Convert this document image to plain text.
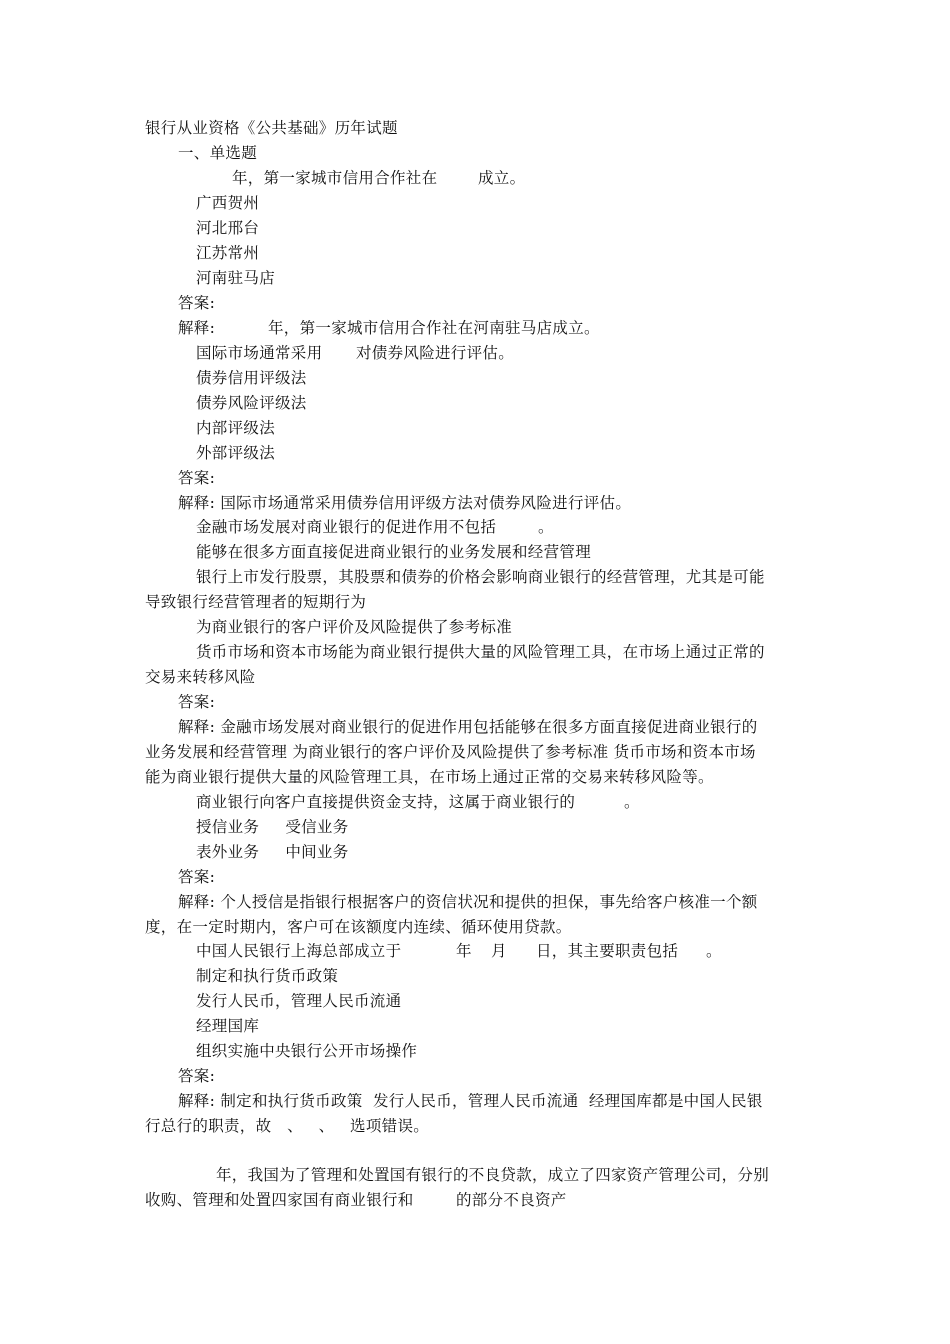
银行从业资格《公共基础》历年试题
一、单选题
年，第一家城市信用合作社在	成立。
广西贺州
河北邢台
江苏常州
河南驻马店
答案:
解释:	年，第一家城市信用合作社在河南驻马店成立。
国际市场通常采用 对债券风险进行评估。
债券信用评级法
债券风险评级法
内部评级法
外部评级法
答案:
解释: 国际市场通常采用债券信用评级方法对债券风险进行评估。
金融市场发展对商业银行的促进作用不包括	。
能够在很多方面直接促进商业银行的业务发展和经营管理
银行上市发行股票，其股票和债券的价格会影响商业银行的经营管理，尤其是可能
导致银行经营管理者的短期行为
为商业银行的客户评价及风险提供了参考标准
货币市场和资本市场能为商业银行提供大量的风险管理工具，在市场上通过正常的
交易来转移风险
答案:
解释: 金融市场发展对商业银行的促进作用包括能够在很多方面直接促进商业银行的
业务发展和经营管理 为商业银行的客户评价及风险提供了参考标准 货币市场和资本市场
能为商业银行提供大量的风险管理工具，在市场上通过正常的交易来转移风险等。
商业银行向客户直接提供资金支持，这属于商业银行的	。
授信业务     受信业务
表外业务     中间业务
答案:
解释: 个人授信是指银行根据客户的资信状况和提供的担保，事先给客户核准一个额
度，在一定时期内，客户可在该额度内连续、循环使用贷款。
中国人民银行上海总部成立于	年 月 日，其主要职责包括 。
制定和执行货币政策
发行人民币，管理人民币流通
经理国库
组织实施中央银行公开市场操作
答案:
解释: 制定和执行货币政策  发行人民币，管理人民币流通  经理国库都是中国人民银
行总行的职责，故   、   、   选项错误。
年，我国为了管理和处置国有银行的不良贷款，成立了四家资产管理公司，分别
收购、管理和处置四家国有商业银行和	的部分不良资产
